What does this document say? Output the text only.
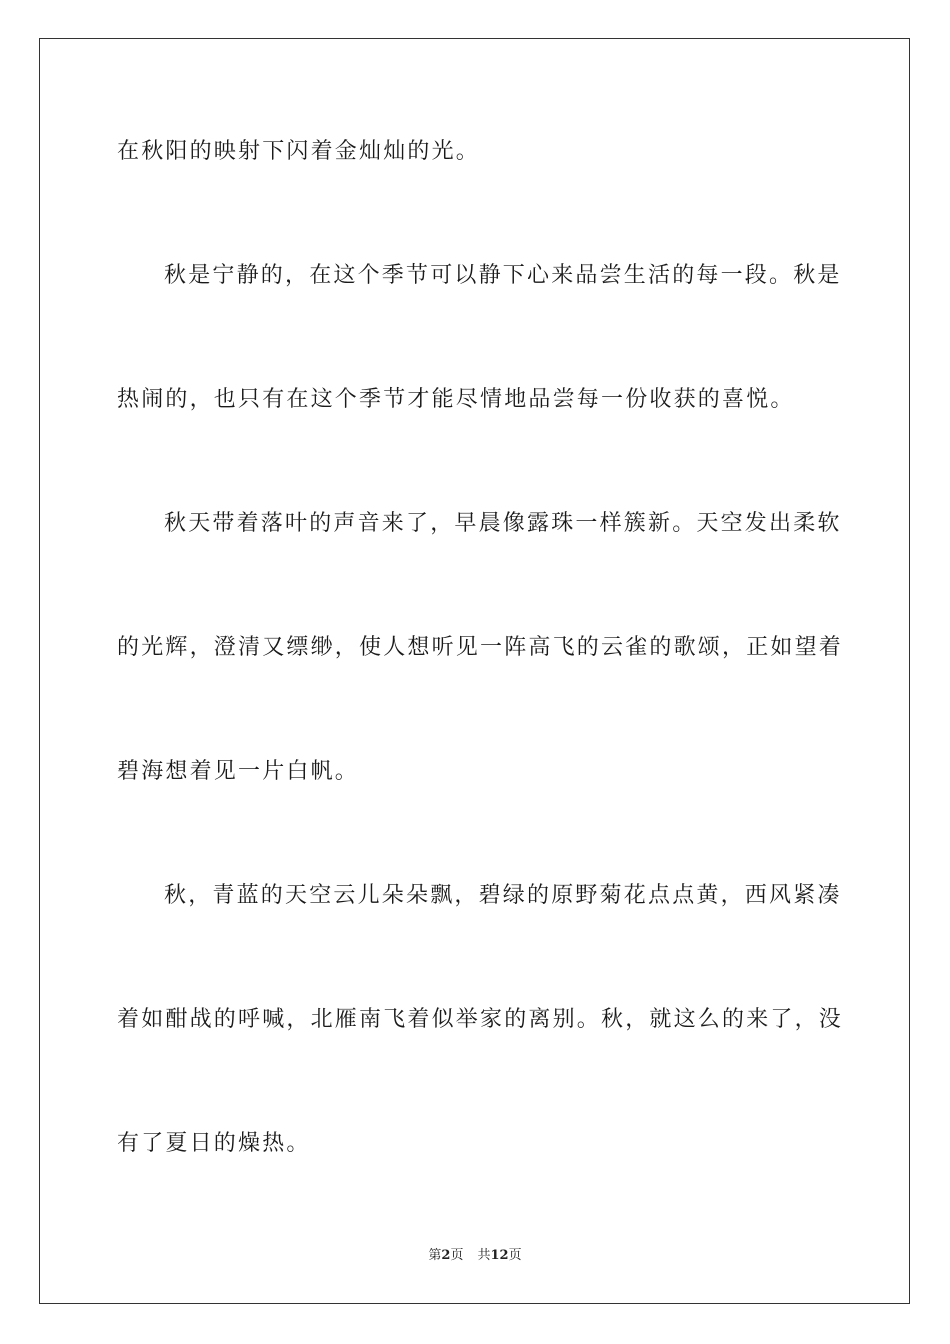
在秋阳的映射下闪着金灿灿的光。
秋是宁静的，在这个季节可以静下心来品尝生活的每一段。秋是
热闹的，也只有在这个季节才能尽情地品尝每一份收获的喜悦。
秋天带着落叶的声音来了，早晨像露珠一样簇新。天空发出柔软
的光辉，澄清又缥缈，使人想听见一阵高飞的云雀的歌颂，正如望着
碧海想着见一片白帆。
秋，青蓝的天空云儿朵朵飘，碧绿的原野菊花点点黄，西风紧凑
着如酣战的呼喊，北雁南飞着似举家的离别。秋，就这么的来了，没
有了夏日的燥热。
第2页 共12页
